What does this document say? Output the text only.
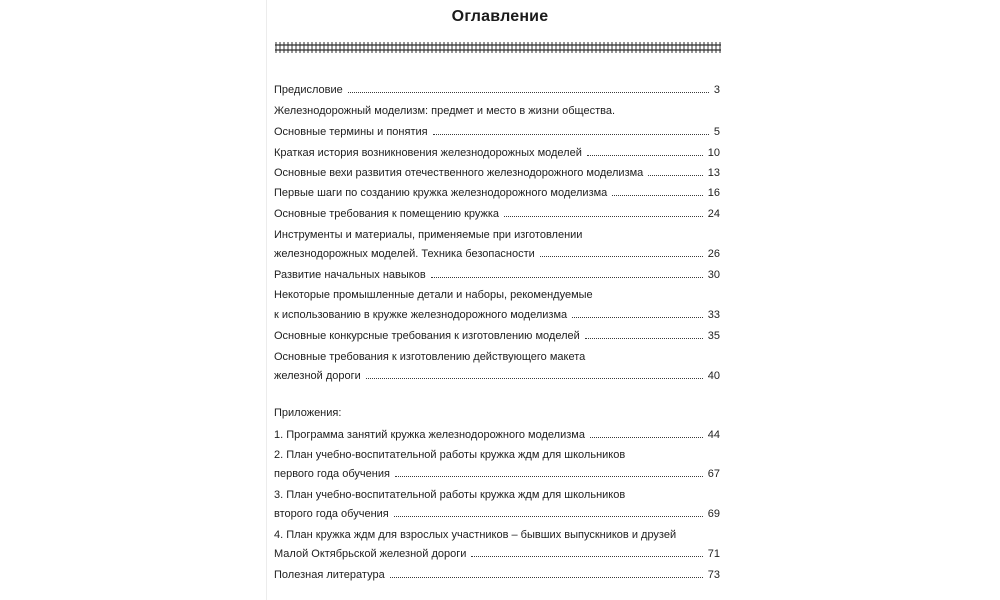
Оглавление
Предисловие	3
Железнодорожный моделизм: предмет и место в жизни общества.
Основные термины и понятия	5
Краткая история возникновения железнодорожных моделей	10
Основные вехи развития отечественного железнодорожного моделизма	13
Первые шаги по созданию кружка железнодорожного моделизма	16
Основные требования к помещению кружка	24
Инструменты и материалы, применяемые при изготовлении
железнодорожных моделей. Техника безопасности	26
Развитие начальных навыков	30
Некоторые промышленные детали и наборы, рекомендуемые
к использованию в кружке железнодорожного моделизма	33
Основные конкурсные требования к изготовлению моделей	35
Основные требования к изготовлению действующего макета
железной дороги	40
Приложения:
1. Программа занятий кружка железнодорожного моделизма	44
2. План учебно-воспитательной работы кружка ждм для школьников
первого года обучения	67
3. План учебно-воспитательной работы кружка ждм для школьников
второго года обучения	69
4. План кружка ждм для взрослых участников – бывших выпускников и друзей
Малой Октябрьской железной дороги	71
Полезная литература	73
